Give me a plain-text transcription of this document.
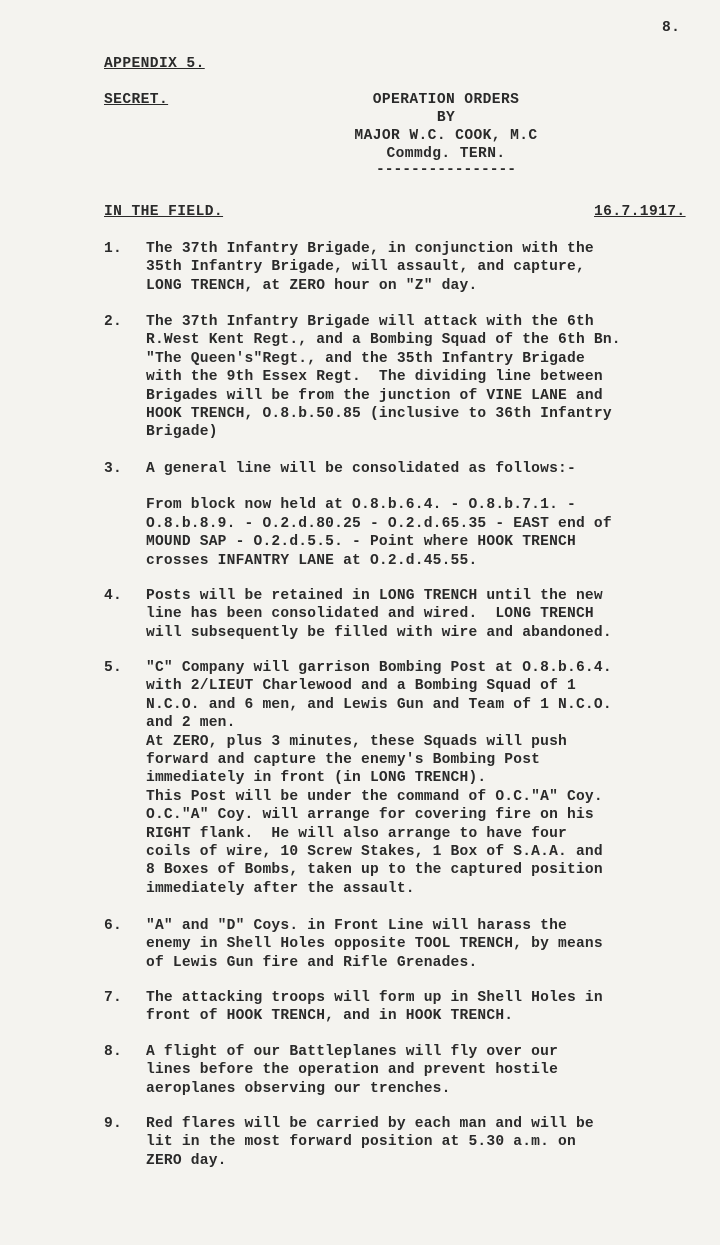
8.
APPENDIX 5.
SECRET.	OPERATION ORDERS
BY
MAJOR W.C. COOK, M.C
Commdg. TERN.
----------------
IN THE FIELD.	16.7.1917.
1.	The 37th Infantry Brigade, in conjunction with the
35th Infantry Brigade, will assault, and capture,
LONG TRENCH, at ZERO hour on "Z" day.
2.	The 37th Infantry Brigade will attack with the 6th
R.West Kent Regt., and a Bombing Squad of the 6th Bn.
"The Queen's"Regt., and the 35th Infantry Brigade
with the 9th Essex Regt.  The dividing line between
Brigades will be from the junction of VINE LANE and
HOOK TRENCH, O.8.b.50.85 (inclusive to 36th Infantry
Brigade)
3.	A general line will be consolidated as follows:-
From block now held at O.8.b.6.4. - O.8.b.7.1. -
O.8.b.8.9. - O.2.d.80.25 - O.2.d.65.35 - EAST end of
MOUND SAP - O.2.d.5.5. - Point where HOOK TRENCH
crosses INFANTRY LANE at O.2.d.45.55.
4.	Posts will be retained in LONG TRENCH until the new
line has been consolidated and wired.  LONG TRENCH
will subsequently be filled with wire and abandoned.
5.	"C" Company will garrison Bombing Post at O.8.b.6.4.
with 2/LIEUT Charlewood and a Bombing Squad of 1
N.C.O. and 6 men, and Lewis Gun and Team of 1 N.C.O.
and 2 men.
At ZERO, plus 3 minutes, these Squads will push
forward and capture the enemy's Bombing Post
immediately in front (in LONG TRENCH).
This Post will be under the command of O.C."A" Coy.
O.C."A" Coy. will arrange for covering fire on his
RIGHT flank.  He will also arrange to have four
coils of wire, 10 Screw Stakes, 1 Box of S.A.A. and
8 Boxes of Bombs, taken up to the captured position
immediately after the assault.
6.	"A" and "D" Coys. in Front Line will harass the
enemy in Shell Holes opposite TOOL TRENCH, by means
of Lewis Gun fire and Rifle Grenades.
7.	The attacking troops will form up in Shell Holes in
front of HOOK TRENCH, and in HOOK TRENCH.
8.	A flight of our Battleplanes will fly over our
lines before the operation and prevent hostile
aeroplanes observing our trenches.
9.	Red flares will be carried by each man and will be
lit in the most forward position at 5.30 a.m. on
ZERO day.
